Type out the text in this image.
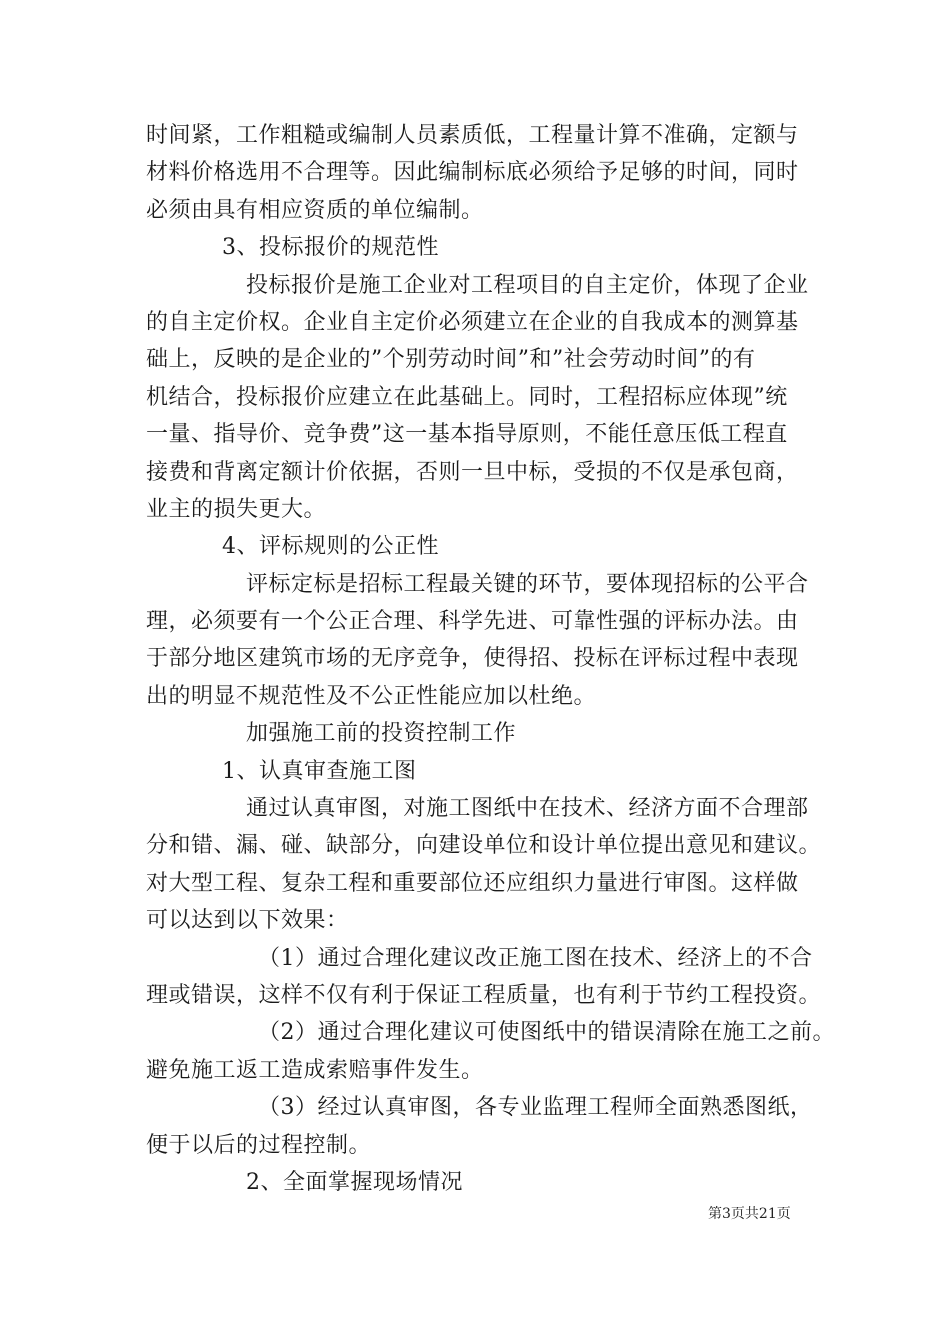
时间紧，工作粗糙或编制人员素质低，工程量计算不准确，定额与
材料价格选用不合理等。因此编制标底必须给予足够的时间，同时
必须由具有相应资质的单位编制。
3、投标报价的规范性
投标报价是施工企业对工程项目的自主定价，体现了企业
的自主定价权。企业自主定价必须建立在企业的自我成本的测算基
础上，反映的是企业的”个别劳动时间”和”社会劳动时间”的有
机结合，投标报价应建立在此基础上。同时，工程招标应体现”统
一量、指导价、竞争费”这一基本指导原则，不能任意压低工程直
接费和背离定额计价依据，否则一旦中标，受损的不仅是承包商，
业主的损失更大。
4、评标规则的公正性
评标定标是招标工程最关键的环节，要体现招标的公平合
理，必须要有一个公正合理、科学先进、可靠性强的评标办法。由
于部分地区建筑市场的无序竞争，使得招、投标在评标过程中表现
出的明显不规范性及不公正性能应加以杜绝。
加强施工前的投资控制工作
1、认真审查施工图
通过认真审图，对施工图纸中在技术、经济方面不合理部
分和错、漏、碰、缺部分，向建设单位和设计单位提出意见和建议。
对大型工程、复杂工程和重要部位还应组织力量进行审图。这样做
可以达到以下效果：
（1）通过合理化建议改正施工图在技术、经济上的不合
理或错误，这样不仅有利于保证工程质量，也有利于节约工程投资。
（2）通过合理化建议可使图纸中的错误清除在施工之前。
避免施工返工造成索赔事件发生。
（3）经过认真审图，各专业监理工程师全面熟悉图纸，
便于以后的过程控制。
2、全面掌握现场情况
第3页共21页
